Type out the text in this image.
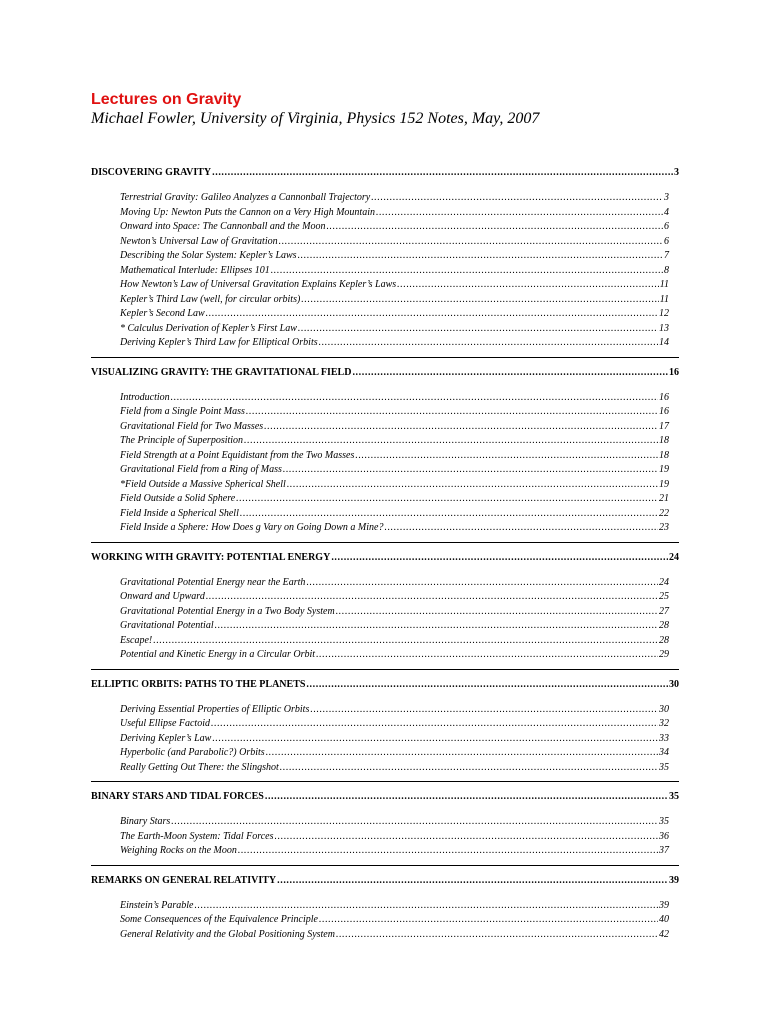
Lectures on Gravity
Michael Fowler, University of Virginia, Physics 152 Notes, May, 2007
DISCOVERING GRAVITY .....	3
Terrestrial Gravity: Galileo Analyzes a Cannonball Trajectory .....	3
Moving Up: Newton Puts the Cannon on a Very High Mountain .....	4
Onward into Space: The Cannonball and the Moon .....	6
Newton’s Universal Law of Gravitation .....	6
Describing the Solar System: Kepler’s Laws .....	7
Mathematical Interlude: Ellipses 101 .....	8
How Newton’s Law of Universal Gravitation Explains Kepler’s Laws .....	11
Kepler’s Third Law (well, for circular orbits) .....	11
Kepler’s Second Law .....	12
* Calculus Derivation of Kepler’s First Law .....	13
Deriving Kepler’s Third Law for Elliptical Orbits .....	14
VISUALIZING GRAVITY: THE GRAVITATIONAL FIELD .....	16
Introduction .....	16
Field from a Single Point Mass .....	16
Gravitational Field for Two Masses .....	17
The Principle of Superposition .....	18
Field Strength at a Point Equidistant from the Two Masses .....	18
Gravitational Field from a Ring of Mass .....	19
*Field Outside a Massive Spherical Shell .....	19
Field Outside a Solid Sphere .....	21
Field Inside a Spherical Shell .....	22
Field Inside a Sphere: How Does g Vary on Going Down a Mine? .....	23
WORKING WITH GRAVITY: POTENTIAL ENERGY .....	24
Gravitational Potential Energy near the Earth .....	24
Onward and Upward .....	25
Gravitational Potential Energy in a Two Body System .....	27
Gravitational Potential .....	28
Escape! .....	28
Potential and Kinetic Energy in a Circular Orbit .....	29
ELLIPTIC ORBITS: PATHS TO THE PLANETS .....	30
Deriving Essential Properties of Elliptic Orbits .....	30
Useful Ellipse Factoid .....	32
Deriving Kepler’s Law .....	33
Hyperbolic (and Parabolic?) Orbits .....	34
Really Getting Out There: the Slingshot .....	35
BINARY STARS AND TIDAL FORCES .....	35
Binary Stars .....	35
The Earth-Moon System: Tidal Forces .....	36
Weighing Rocks on the Moon .....	37
REMARKS ON GENERAL RELATIVITY .....	39
Einstein’s Parable .....	39
Some Consequences of the Equivalence Principle .....	40
General Relativity and the Global Positioning System .....	42
